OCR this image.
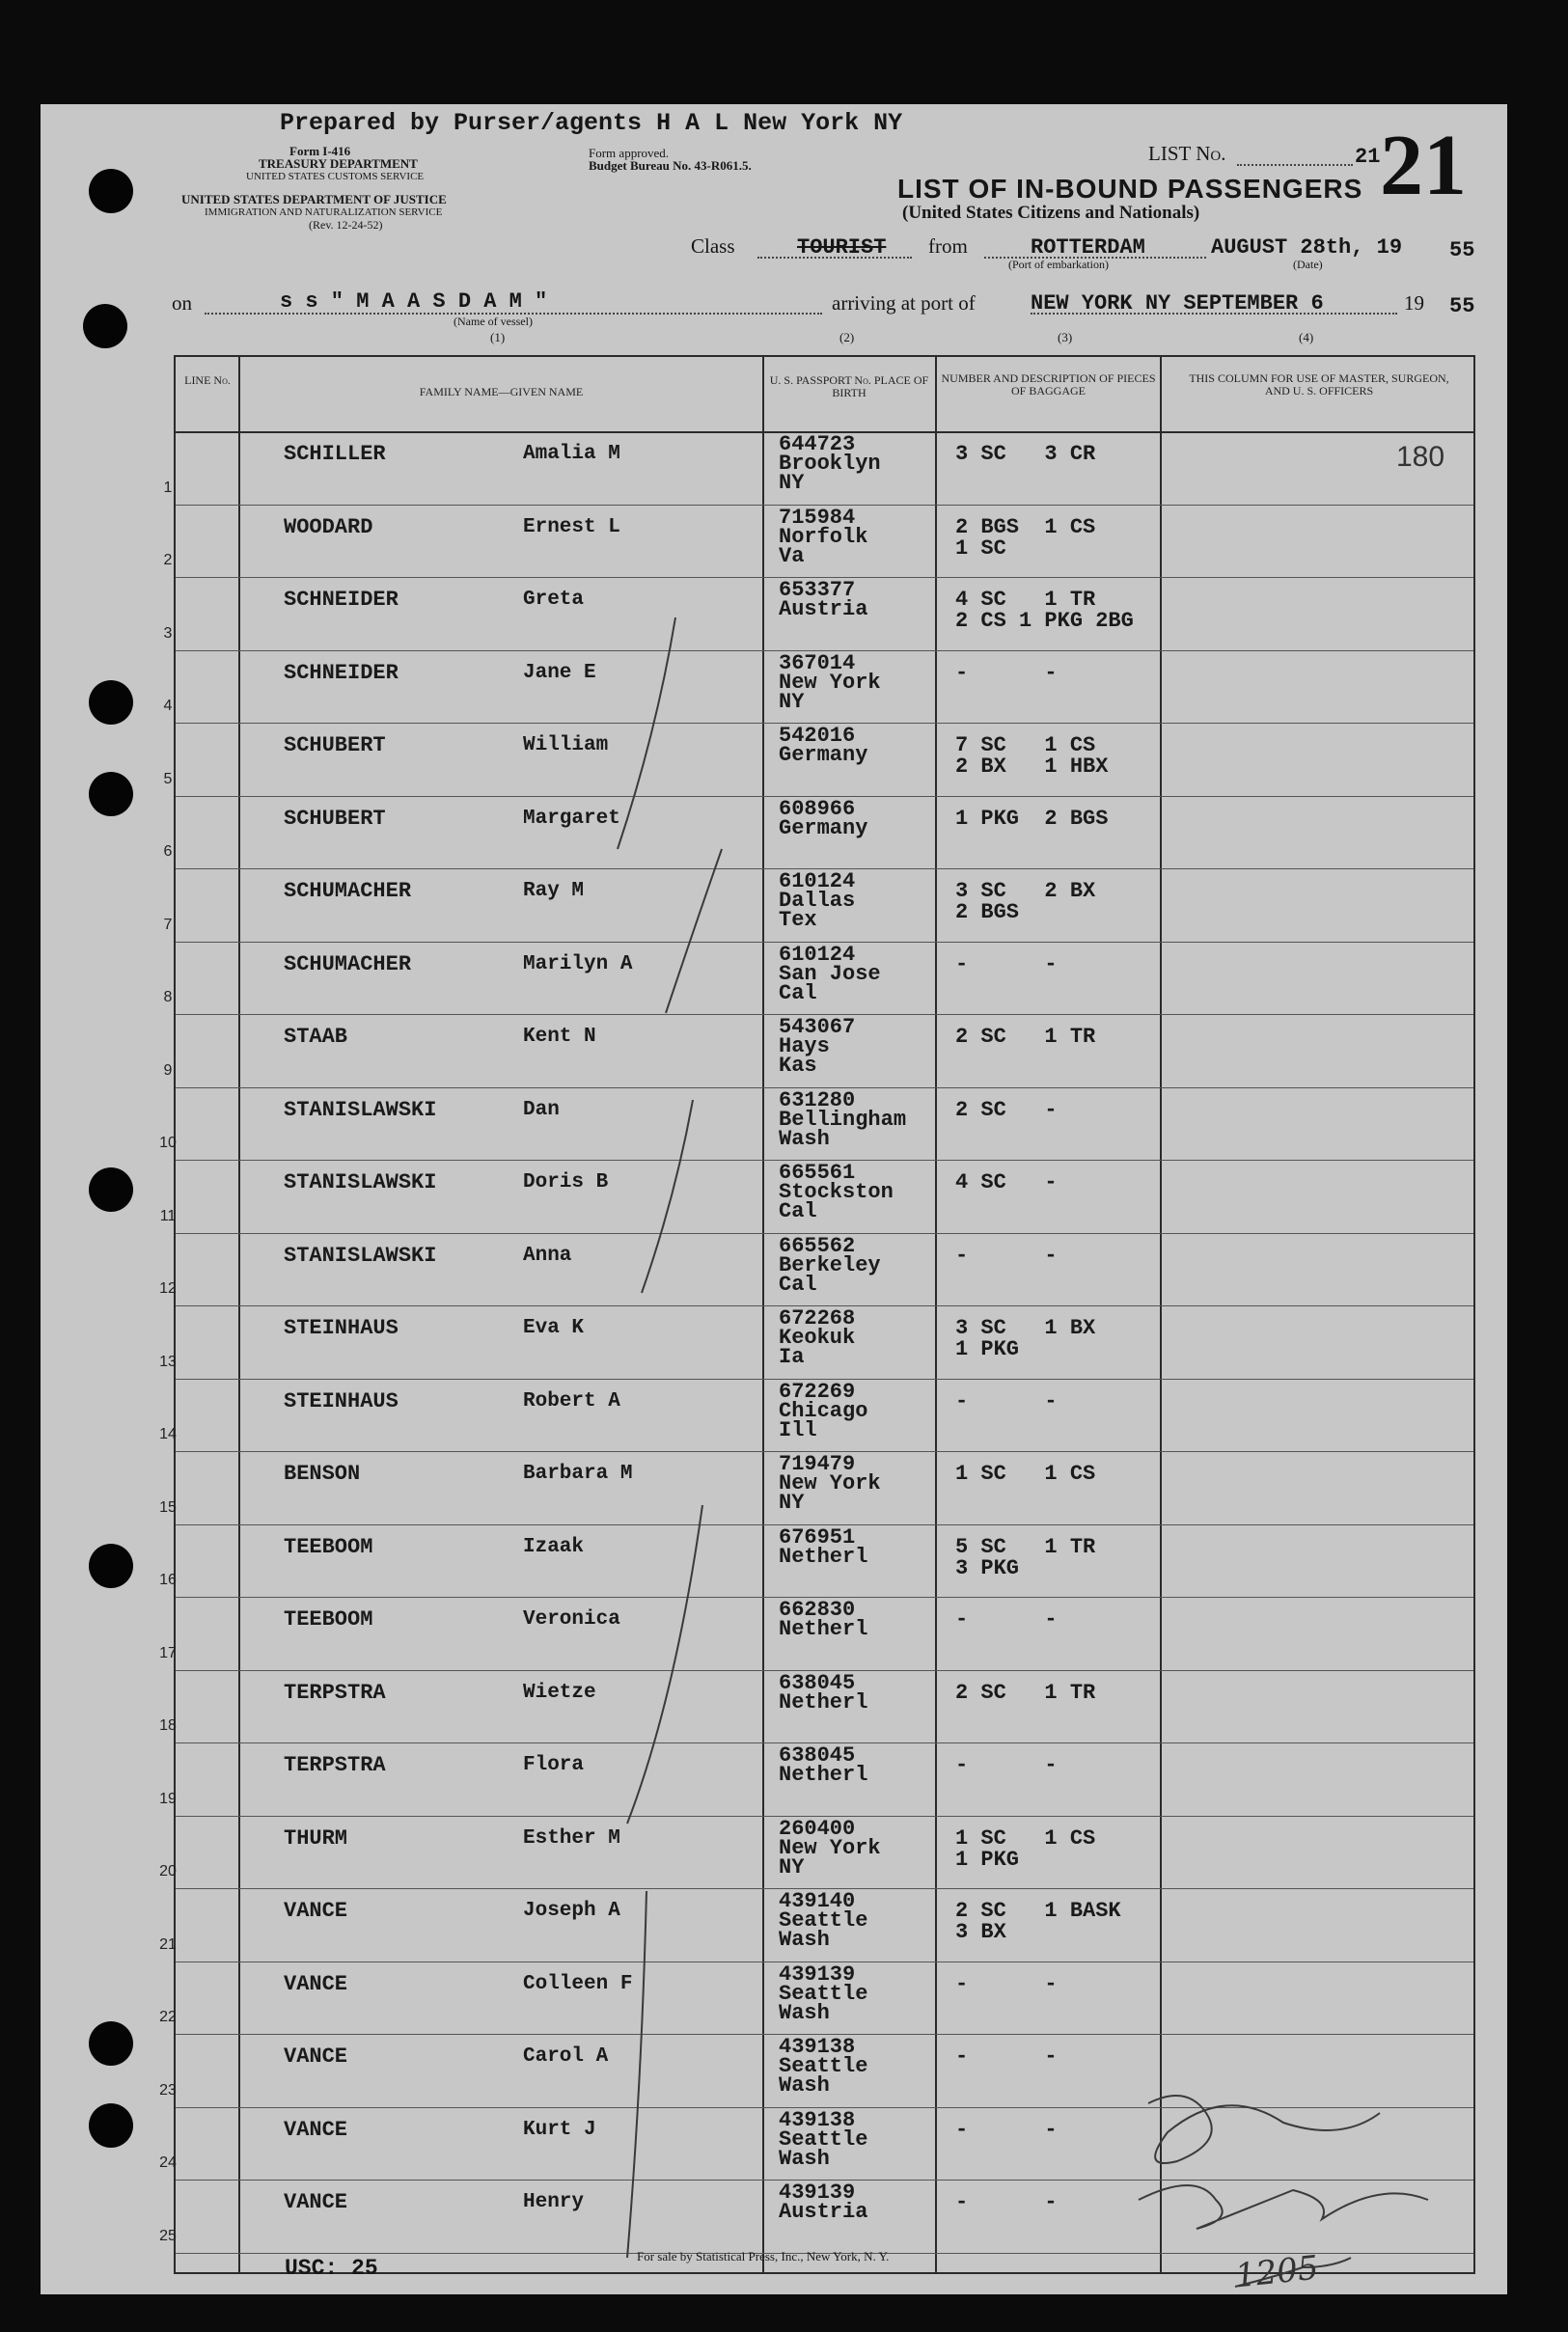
Prepared by Purser/agents H A L New York NY
Form I-416
TREASURY DEPARTMENT
UNITED STATES CUSTOMS SERVICE
UNITED STATES DEPARTMENT OF JUSTICE
IMMIGRATION AND NATURALIZATION SERVICE
(Rev. 12-24-52)
Form approved.
Budget Bureau No. 43-R061.5.
LIST No.	21 21
LIST OF IN-BOUND PASSENGERS
(United States Citizens and Nationals)
Class	TOURIST from	ROTTERDAM	AUGUST 28th, 19 55
(Port of embarkation)	(Date)
on	s s " M A A S D A M "
(Name of vessel)
arriving at port of	NEW YORK NY SEPTEMBER 6	19 55
(1)	(2)	(3)	(4)
LINE No.
FAMILY NAME—GIVEN NAME
U. S. PASSPORT No. PLACE OF BIRTH
NUMBER AND DESCRIPTION OF PIECES OF BAGGAGE
THIS COLUMN FOR USE OF MASTER, SURGEON, AND U. S. OFFICERS
1
SCHILLER	Amalia M	644723
Brooklyn
NY
3 SC   3 CR	180
2
WOODARD	Ernest L	715984
Norfolk
Va
2 BGS  1 CS
1 SC
3
SCHNEIDER	Greta	653377
Austria	4 SC   1 TR
2 CS 1 PKG 2BG
4
SCHNEIDER	Jane E	367014
New York
NY
-      -
5
SCHUBERT	William	542016
Germany	7 SC   1 CS
2 BX   1 HBX
6
SCHUBERT	Margaret	608966
Germany	1 PKG  2 BGS
7
SCHUMACHER	Ray M	610124
Dallas
Tex
3 SC   2 BX
2 BGS
8
SCHUMACHER	Marilyn A	610124
San Jose
Cal
-      -
9
STAAB	Kent N	543067
Hays
Kas
2 SC   1 TR
10
STANISLAWSKI	Dan	631280
Bellingham
Wash
2 SC   -
11
STANISLAWSKI	Doris B	665561
Stockston
Cal
4 SC   -
12
STANISLAWSKI	Anna	665562
Berkeley
Cal
-      -
13
STEINHAUS	Eva K	672268
Keokuk
Ia
3 SC   1 BX
1 PKG
14
STEINHAUS	Robert A	672269
Chicago
Ill
-      -
15
BENSON	Barbara M	719479
New York
NY
1 SC   1 CS
16
TEEBOOM	Izaak	676951
Netherl	5 SC   1 TR
3 PKG
17
TEEBOOM	Veronica	662830
Netherl	-      -
18
TERPSTRA	Wietze	638045
Netherl	2 SC   1 TR
19
TERPSTRA	Flora	638045
Netherl	-      -
20
THURM	Esther M	260400
New York
NY
1 SC   1 CS
1 PKG
21
VANCE	Joseph A	439140
Seattle
Wash
2 SC   1 BASK
3 BX
22
VANCE	Colleen F	439139
Seattle
Wash
-      -
23
VANCE	Carol A	439138
Seattle
Wash
-      -
24
VANCE	Kurt J	439138
Seattle
Wash
-      -
25
VANCE	Henry	439139
Austria	-      -
1205
USC: 25	For sale by Statistical Press, Inc., New York, N. Y.
